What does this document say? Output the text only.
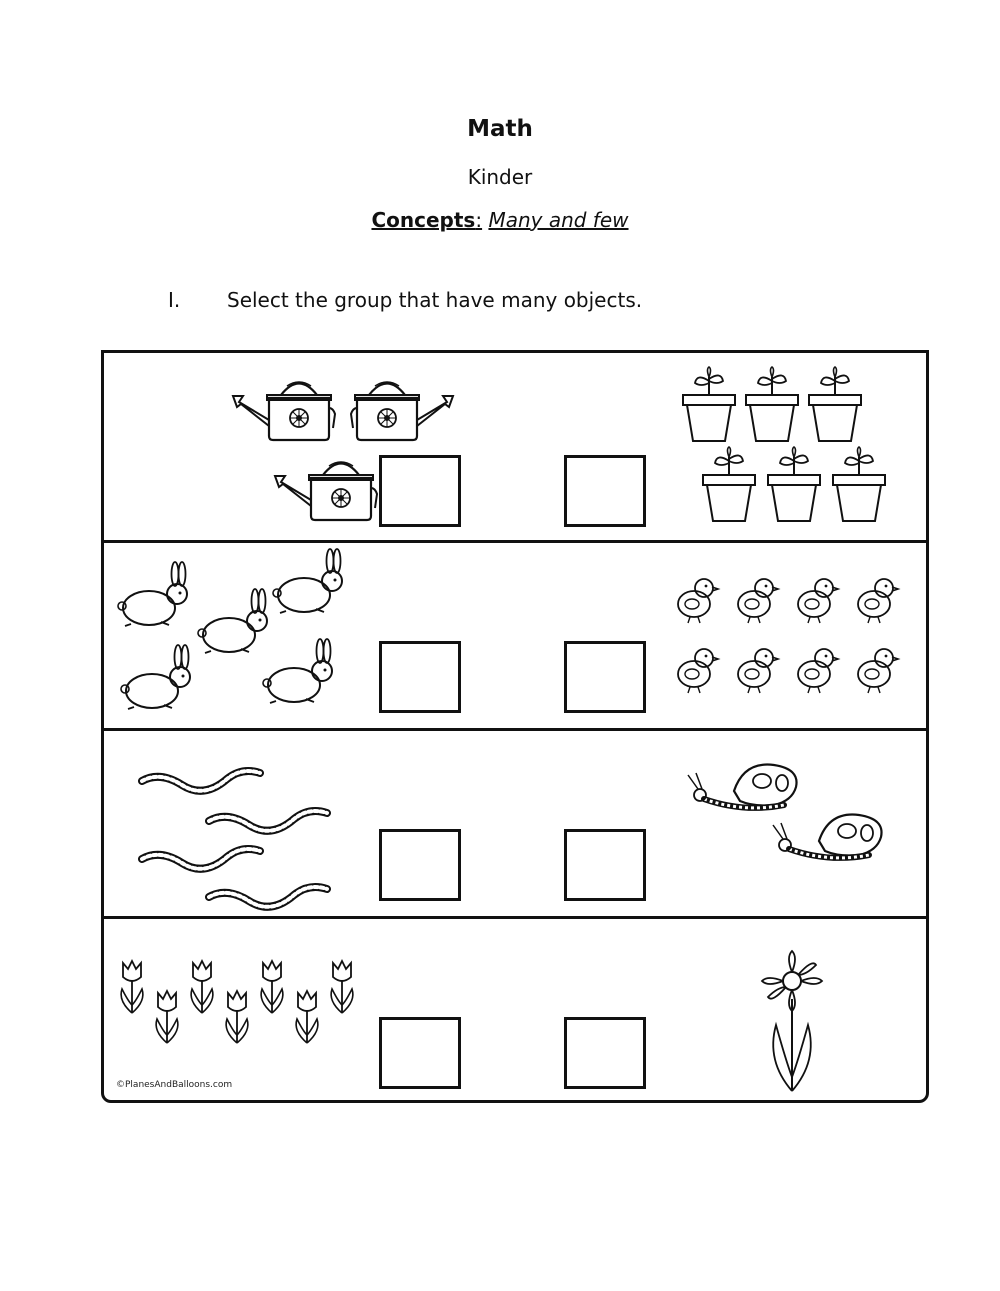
Math
Kinder
Concepts: Many and few
I. Select the group that have many objects.
©PlanesAndBalloons.com
